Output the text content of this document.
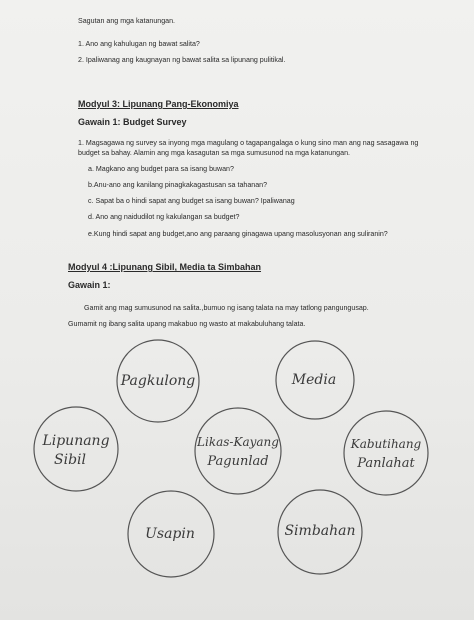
Sagutan ang mga katanungan.
1. Ano ang kahulugan ng bawat salita?
2. Ipaliwanag ang kaugnayan ng bawat salita sa lipunang pulitikal.
Modyul 3: Lipunang Pang-Ekonomiya
Gawain 1: Budget Survey
1. Magsagawa ng survey sa inyong mga magulang o tagapangalaga o kung sino man ang nag sasagawa ng
budget sa bahay. Alamin ang mga kasagutan sa mga sumusunod na mga katanungan.
a. Magkano ang budget para sa isang buwan?
b.Anu-ano ang kanilang pinagkakagastusan sa tahanan?
c. Sapat ba o hindi sapat ang budget sa isang buwan? Ipaliwanag
d. Ano ang naidudilot ng kakulangan sa budget?
e.Kung hindi sapat ang budget,ano ang paraang ginagawa upang masolusyonan ang suliranin?
Modyul 4 :Lipunang Sibil, Media ta Simbahan
Gawain 1:
Gamit ang mag sumusunod na salita.,bumuo ng isang talata na may tatlong pangungusap.
Gumamit ng ibang salita upang makabuo ng wasto at makabuluhang talata.
Pagkulong	Media
Lipunang
Sibil
Likas-Kayang
Pagunlad
Kabutihang
Panlahat
Usapin	Simbahan
